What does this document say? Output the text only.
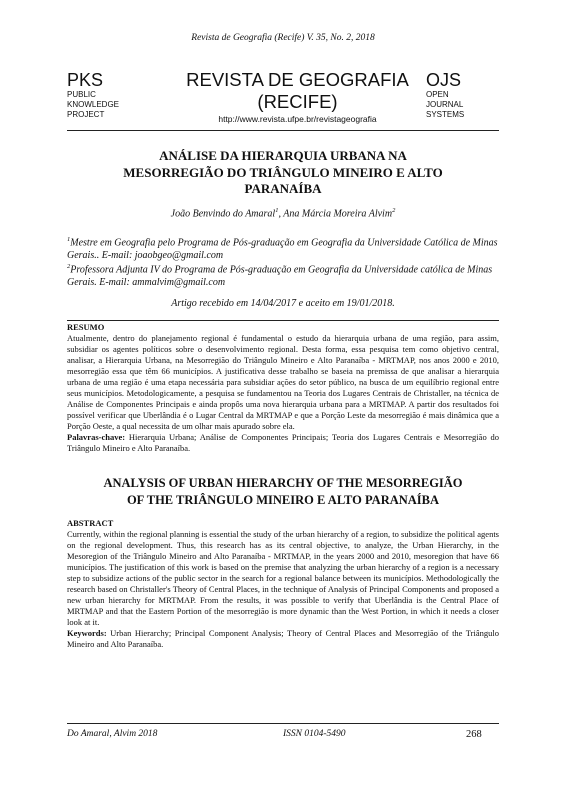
Revista de Geografia (Recife) V. 35, No. 2, 2018
PKS
PUBLIC
KNOWLEDGE
PROJECT
REVISTA DE GEOGRAFIA
(RECIFE)
http://www.revista.ufpe.br/revistageografia
OJS
OPEN
JOURNAL
SYSTEMS
ANÁLISE DA HIERARQUIA URBANA NA
MESORREGIÃO DO TRIÂNGULO MINEIRO E ALTO
PARANAÍBA
João Benvindo do Amaral$^1$, Ana Márcia Moreira Alvim$^2$
$^1$Mestre em Geografia pelo Programa de Pós-graduação em Geografia da Universidade Católica de Minas Gerais.. E-mail: joaobgeo@gmail.com
$^2$Professora Adjunta IV do Programa de Pós-graduação em Geografia da Universidade católica de Minas Gerais. E-mail: ammalvim@gmail.com
Artigo recebido em 14/04/2017 e aceito em 19/01/2018.
RESUMO
Atualmente, dentro do planejamento regional é fundamental o estudo da hierarquia urbana de uma região, para assim, subsidiar os agentes políticos sobre o desenvolvimento regional. Desta forma, essa pesquisa tem como objetivo central, analisar, a Hierarquia Urbana, na Mesorregião do Triângulo Mineiro e Alto Paranaíba - MRTMAP, nos anos 2000 e 2010, mesorregião essa que têm 66 municípios. A justificativa desse trabalho se baseia na premissa de que analisar a hierarquia urbana de uma região é uma etapa necessária para subsidiar ações do setor público, na busca de um equilíbrio regional entre seus municípios. Metodologicamente, a pesquisa se fundamentou na Teoria dos Lugares Centrais de Christaller, na técnica de Análise de Componentes Principais e ainda propôs uma nova hierarquia urbana para a MRTMAP. A partir dos resultados foi possível verificar que Uberlândia é o Lugar Central da MRTMAP e que a Porção Leste da mesorregião é mais dinâmica que a Porção Oeste, a qual necessita de um olhar mais apurado sobre ela.
Palavras-chave: Hierarquia Urbana; Análise de Componentes Principais; Teoria dos Lugares Centrais e Mesorregião do Triângulo Mineiro e Alto Paranaíba.
ANALYSIS OF URBAN HIERARCHY OF THE MESORREGIÃO
OF THE TRIÂNGULO MINEIRO E ALTO PARANAÍBA
ABSTRACT
Currently, within the regional planning is essential the study of the urban hierarchy of a region, to subsidize the political agents on the regional development. Thus, this research has as its central objective, to analyze, the Urban Hierarchy, in the Mesoregion of the Triângulo Mineiro and Alto Paranaíba - MRTMAP, in the years 2000 and 2010, mesoregion that have 66 municípios. The justification of this work is based on the premise that analyzing the urban hierarchy of a region is a necessary step to subsidize actions of the public sector in the search for a regional balance between its municípios. Methodologically the research based on Christaller's Theory of Central Places, in the technique of Analysis of Principal Components and proposed a new urban hierarchy for MRTMAP. From the results, it was possible to verify that Uberlândia is the Central Place of MRTMAP and that the Eastern Portion of the mesorregião is more dynamic than the West Portion, in which it needs a closer look at it.
Keywords: Urban Hierarchy; Principal Component Analysis; Theory of Central Places and Mesorregião of the Triângulo Mineiro and Alto Paranaíba.
Do Amaral, Alvim 2018	ISSN 0104-5490	268
